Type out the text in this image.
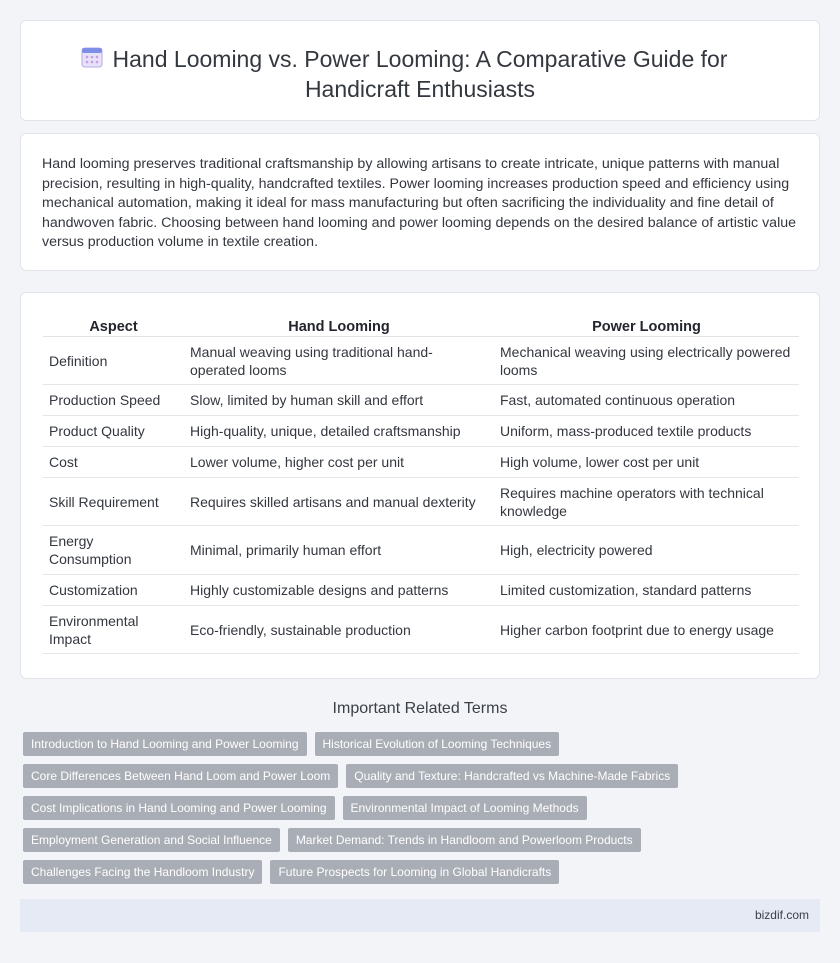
Hand Looming vs. Power Looming: A Comparative Guide for
Handicraft Enthusiasts

Hand looming preserves traditional craftsmanship by allowing artisans to create intricate, unique patterns with manual precision, resulting in high-quality, handcrafted textiles. Power looming increases production speed and efficiency using mechanical automation, making it ideal for mass manufacturing but often sacrificing the individuality and fine detail of handwoven fabric. Choosing between hand looming and power looming depends on the desired balance of artistic value versus production volume in textile creation.

Aspect	Hand Looming	Power Looming
Definition	Manual weaving using traditional hand-operated looms	Mechanical weaving using electrically powered looms
Production Speed	Slow, limited by human skill and effort	Fast, automated continuous operation
Product Quality	High-quality, unique, detailed craftsmanship	Uniform, mass-produced textile products
Cost	Lower volume, higher cost per unit	High volume, lower cost per unit
Skill Requirement	Requires skilled artisans and manual dexterity	Requires machine operators with technical knowledge
Energy Consumption	Minimal, primarily human effort	High, electricity powered
Customization	Highly customizable designs and patterns	Limited customization, standard patterns
Environmental Impact	Eco-friendly, sustainable production	Higher carbon footprint due to energy usage
Important Related Terms
Introduction to Hand Looming and Power Looming	Historical Evolution of Looming Techniques
Core Differences Between Hand Loom and Power Loom	Quality and Texture: Handcrafted vs Machine-Made Fabrics
Cost Implications in Hand Looming and Power Looming	Environmental Impact of Looming Methods
Employment Generation and Social Influence	Market Demand: Trends in Handloom and Powerloom Products
Challenges Facing the Handloom Industry	Future Prospects for Looming in Global Handicrafts
bizdif.com
